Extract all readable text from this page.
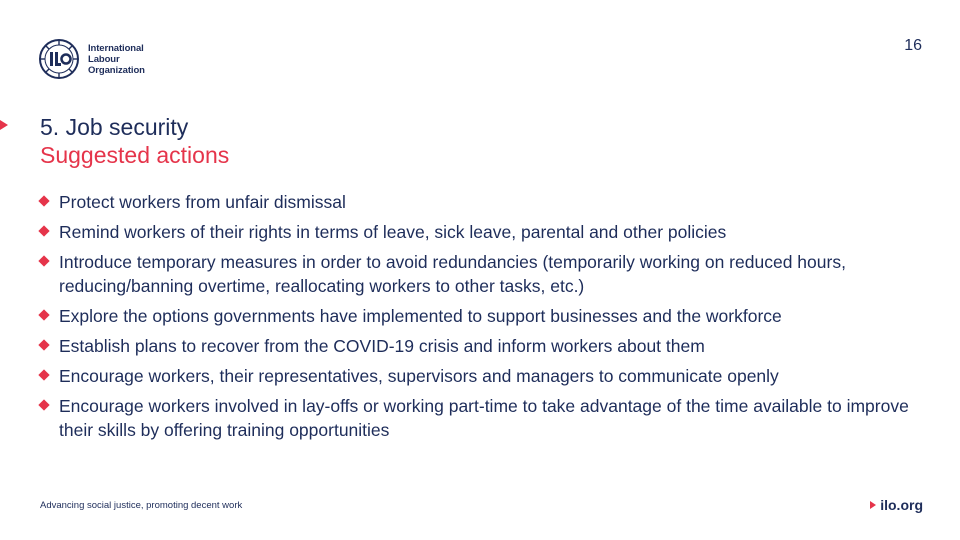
International
Labour
Organization
16
5. Job security
Suggested actions
Protect workers from unfair dismissal
Remind workers of their rights in terms of leave, sick leave, parental and other policies
Introduce temporary measures in order to avoid redundancies (temporarily working on reduced hours, reducing/banning overtime, reallocating workers to other tasks, etc.)
Explore the options governments have implemented to support businesses and the workforce
Establish plans to recover from the COVID-19 crisis and inform workers about them
Encourage workers, their representatives, supervisors and managers to communicate openly
Encourage workers involved in lay-offs or working part-time to take advantage of the time available to improve their skills by offering training opportunities
Advancing social justice, promoting decent work	ilo.org
